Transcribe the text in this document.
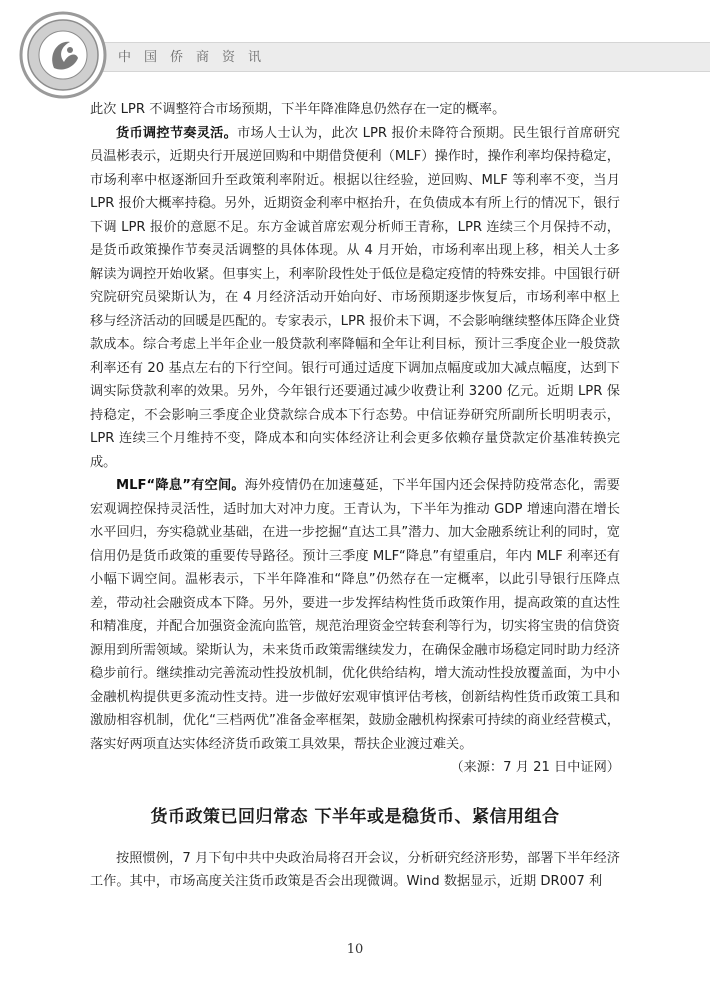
中国侨商资讯

此次 LPR 不调整符合市场预期，下半年降准降息仍然存在一定的概率。

货币调控节奏灵活。市场人士认为，此次 LPR 报价未降符合预期。民生银行首席研究员温彬表示，近期央行开展逆回购和中期借贷便利（MLF）操作时，操作利率均保持稳定，市场利率中枢逐渐回升至政策利率附近。根据以往经验，逆回购、MLF 等利率不变，当月 LPR 报价大概率持稳。另外，近期资金利率中枢抬升，在负债成本有所上行的情况下，银行下调 LPR 报价的意愿不足。东方金诚首席宏观分析师王青称，LPR 连续三个月保持不动，是货币政策操作节奏灵活调整的具体体现。从 4 月开始，市场利率出现上移，相关人士多解读为调控开始收紧。但事实上，利率阶段性处于低位是稳定疫情的特殊安排。中国银行研究院研究员梁斯认为，在 4 月经济活动开始向好、市场预期逐步恢复后，市场利率中枢上移与经济活动的回暖是匹配的。专家表示，LPR 报价未下调，不会影响继续整体压降企业贷款成本。综合考虑上半年企业一般贷款利率降幅和全年让利目标，预计三季度企业一般贷款利率还有 20 基点左右的下行空间。银行可通过适度下调加点幅度或加大减点幅度，达到下调实际贷款利率的效果。另外，今年银行还要通过减少收费让利 3200 亿元。近期 LPR 保持稳定，不会影响三季度企业贷款综合成本下行态势。中信证券研究所副所长明明表示，LPR 连续三个月维持不变，降成本和向实体经济让利会更多依赖存量贷款定价基准转换完成。

MLF“降息”有空间。海外疫情仍在加速蔓延，下半年国内还会保持防疫常态化，需要宏观调控保持灵活性，适时加大对冲力度。王青认为，下半年为推动 GDP 增速向潜在增长水平回归，夯实稳就业基础，在进一步挖掘“直达工具”潜力、加大金融系统让利的同时，宽信用仍是货币政策的重要传导路径。预计三季度 MLF“降息”有望重启，年内 MLF 利率还有小幅下调空间。温彬表示，下半年降准和“降息”仍然存在一定概率，以此引导银行压降点差，带动社会融资成本下降。另外，要进一步发挥结构性货币政策作用，提高政策的直达性和精准度，并配合加强资金流向监管，规范治理资金空转套利等行为，切实将宝贵的信贷资源用到所需领域。梁斯认为，未来货币政策需继续发力，在确保金融市场稳定同时助力经济稳步前行。继续推动完善流动性投放机制，优化供给结构，增大流动性投放覆盖面，为中小金融机构提供更多流动性支持。进一步做好宏观审慎评估考核，创新结构性货币政策工具和激励相容机制，优化“三档两优”准备金率框架，鼓励金融机构探索可持续的商业经营模式，落实好两项直达实体经济货币政策工具效果，帮扶企业渡过难关。

（来源：7 月 21 日中证网）

货币政策已回归常态 下半年或是稳货币、紧信用组合

按照惯例，7 月下旬中共中央政治局将召开会议，分析研究经济形势，部署下半年经济工作。其中，市场高度关注货币政策是否会出现微调。Wind 数据显示，近期 DR007 利

10
